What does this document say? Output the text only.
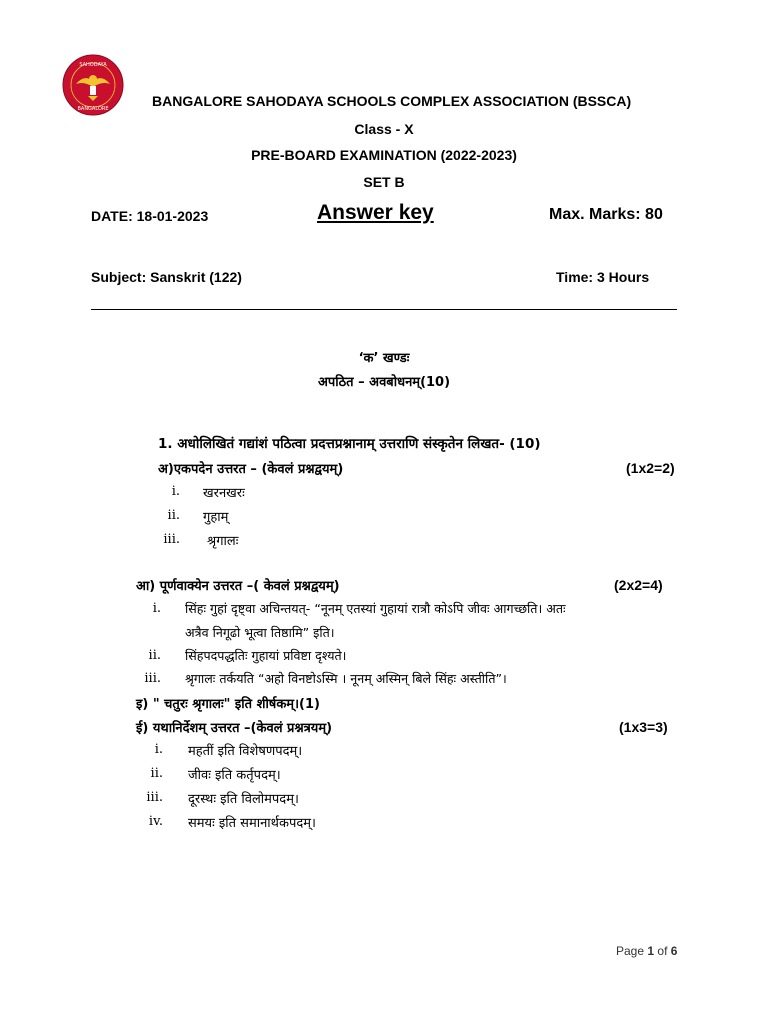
SAHODAYA
BANGALORE	BANGALORE SAHODAYA SCHOOLS COMPLEX ASSOCIATION (BSSCA)
Class - X
PRE-BOARD EXAMINATION (2022-2023)
SET B
DATE: 18-01-2023	Answer key	Max. Marks: 80
Subject: Sanskrit (122)	Time: 3 Hours
‘क’ खण्डः
अपठित – अवबोधनम्(10)
1. अधोलिखितं गद्यांशं पठित्वा प्रदत्तप्रश्नानाम् उत्तराणि संस्कृतेन लिखत- (10)
अ)एकपदेन उत्तरत – (केवलं प्रश्नद्वयम्)	(1x2=2)
i. खरनखरः
ii. गुहाम्
iii. श्रृगालः
आ) पूर्णवाक्येन उत्तरत –( केवलं प्रश्नद्वयम्)	(2x2=4)
i. सिंहः गुहां दृष्ट्वा अचिन्तयत्- “नूनम् एतस्यां गुहायां रात्रौ कोऽपि जीवः आगच्छति। अतः
अत्रैव निगूढो भूत्वा तिष्ठामि” इति।
ii. सिंहपदपद्धतिः गुहायां प्रविष्टा दृश्यते।
iii. श्रृगालः तर्कयति “अहो विनष्टोऽस्मि । नूनम् अस्मिन् बिले सिंहः अस्तीति”।
इ) " चतुरः श्रृगालः" इति शीर्षकम्।(1)
ई) यथानिर्देशम् उत्तरत –(केवलं प्रश्नत्रयम्)	(1x3=3)
i. महतीं इति विशेषणपदम्।
ii. जीवः इति कर्तृपदम्।
iii. दूरस्थः इति विलोमपदम्।
iv. समयः इति समानार्थकपदम्।
Page 1 of 6
